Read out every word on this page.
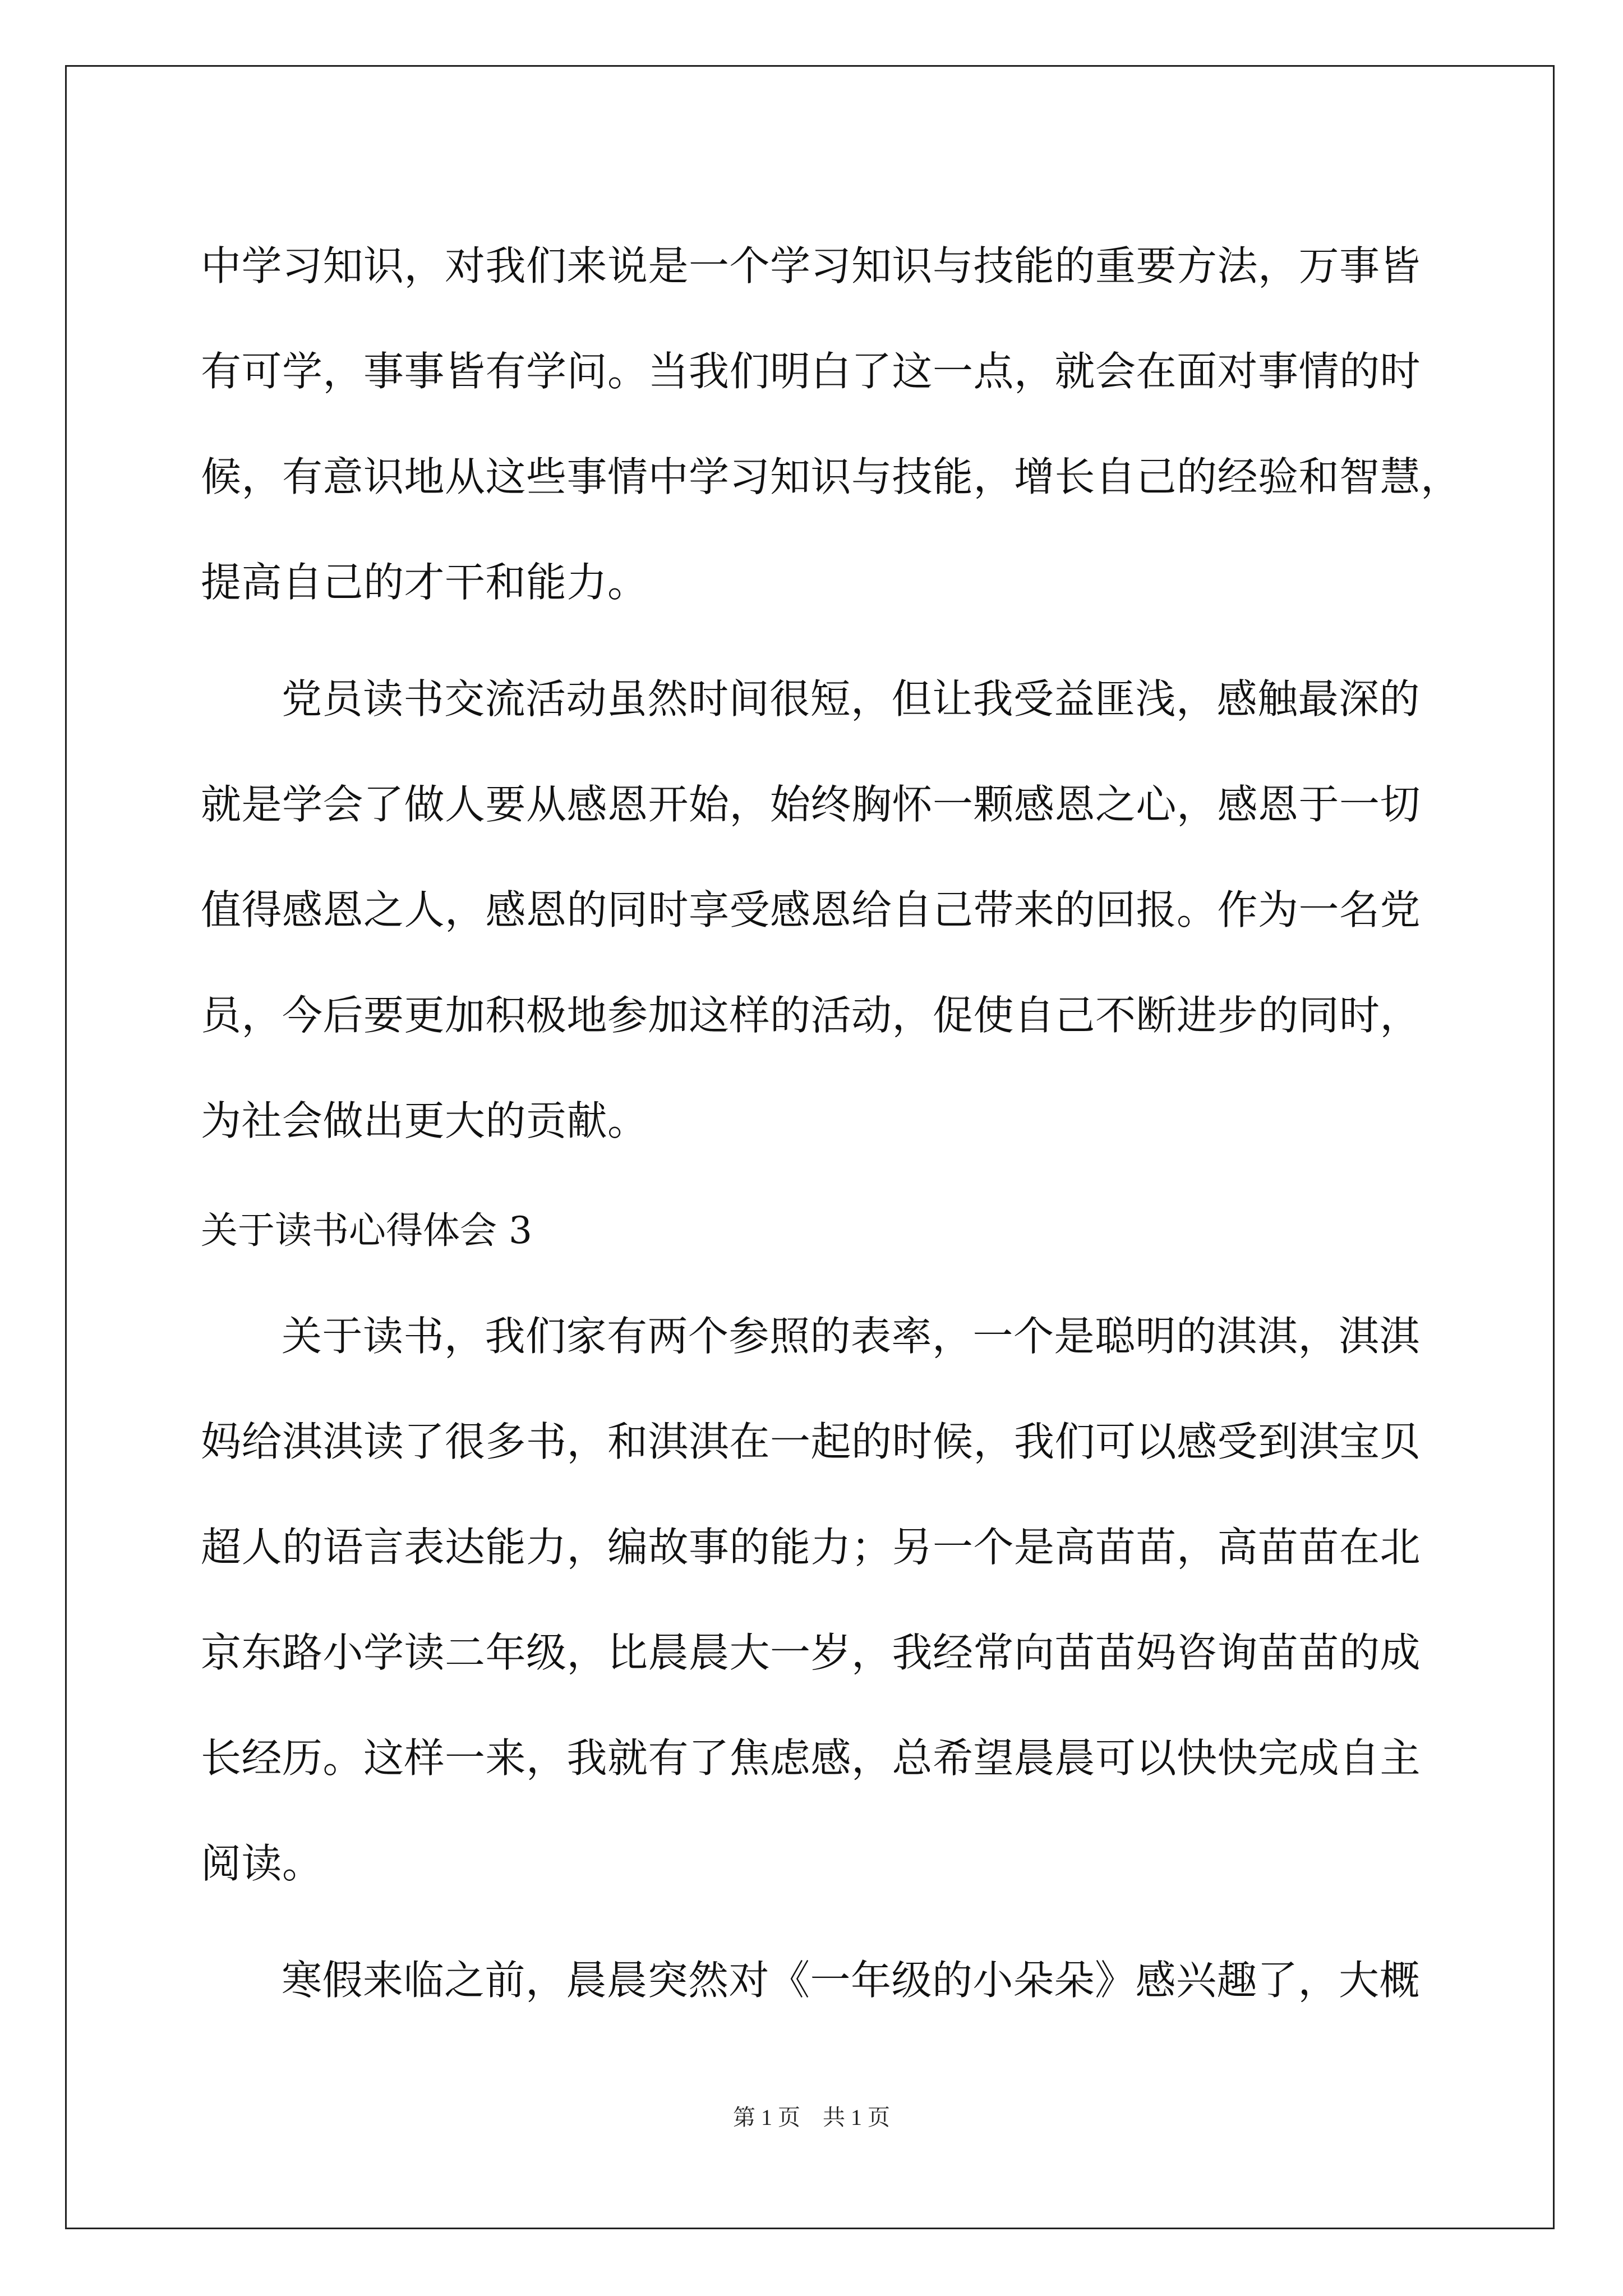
中学习知识，对我们来说是一个学习知识与技能的重要方法，万事皆
有可学，事事皆有学问。当我们明白了这一点，就会在面对事情的时
候，有意识地从这些事情中学习知识与技能，增长自己的经验和智慧，
提高自己的才干和能力。
党员读书交流活动虽然时间很短，但让我受益匪浅，感触最深的
就是学会了做人要从感恩开始，始终胸怀一颗感恩之心，感恩于一切
值得感恩之人，感恩的同时享受感恩给自己带来的回报。作为一名党
员，今后要更加积极地参加这样的活动，促使自己不断进步的同时，
为社会做出更大的贡献。
关于读书心得体会 3
关于读书，我们家有两个参照的表率，一个是聪明的淇淇，淇淇
妈给淇淇读了很多书，和淇淇在一起的时候，我们可以感受到淇宝贝
超人的语言表达能力，编故事的能力；另一个是高苗苗，高苗苗在北
京东路小学读二年级，比晨晨大一岁，我经常向苗苗妈咨询苗苗的成
长经历。这样一来，我就有了焦虑感，总希望晨晨可以快快完成自主
阅读。
寒假来临之前，晨晨突然对《一年级的小朵朵》感兴趣了，大概
第 1 页　共 1 页
